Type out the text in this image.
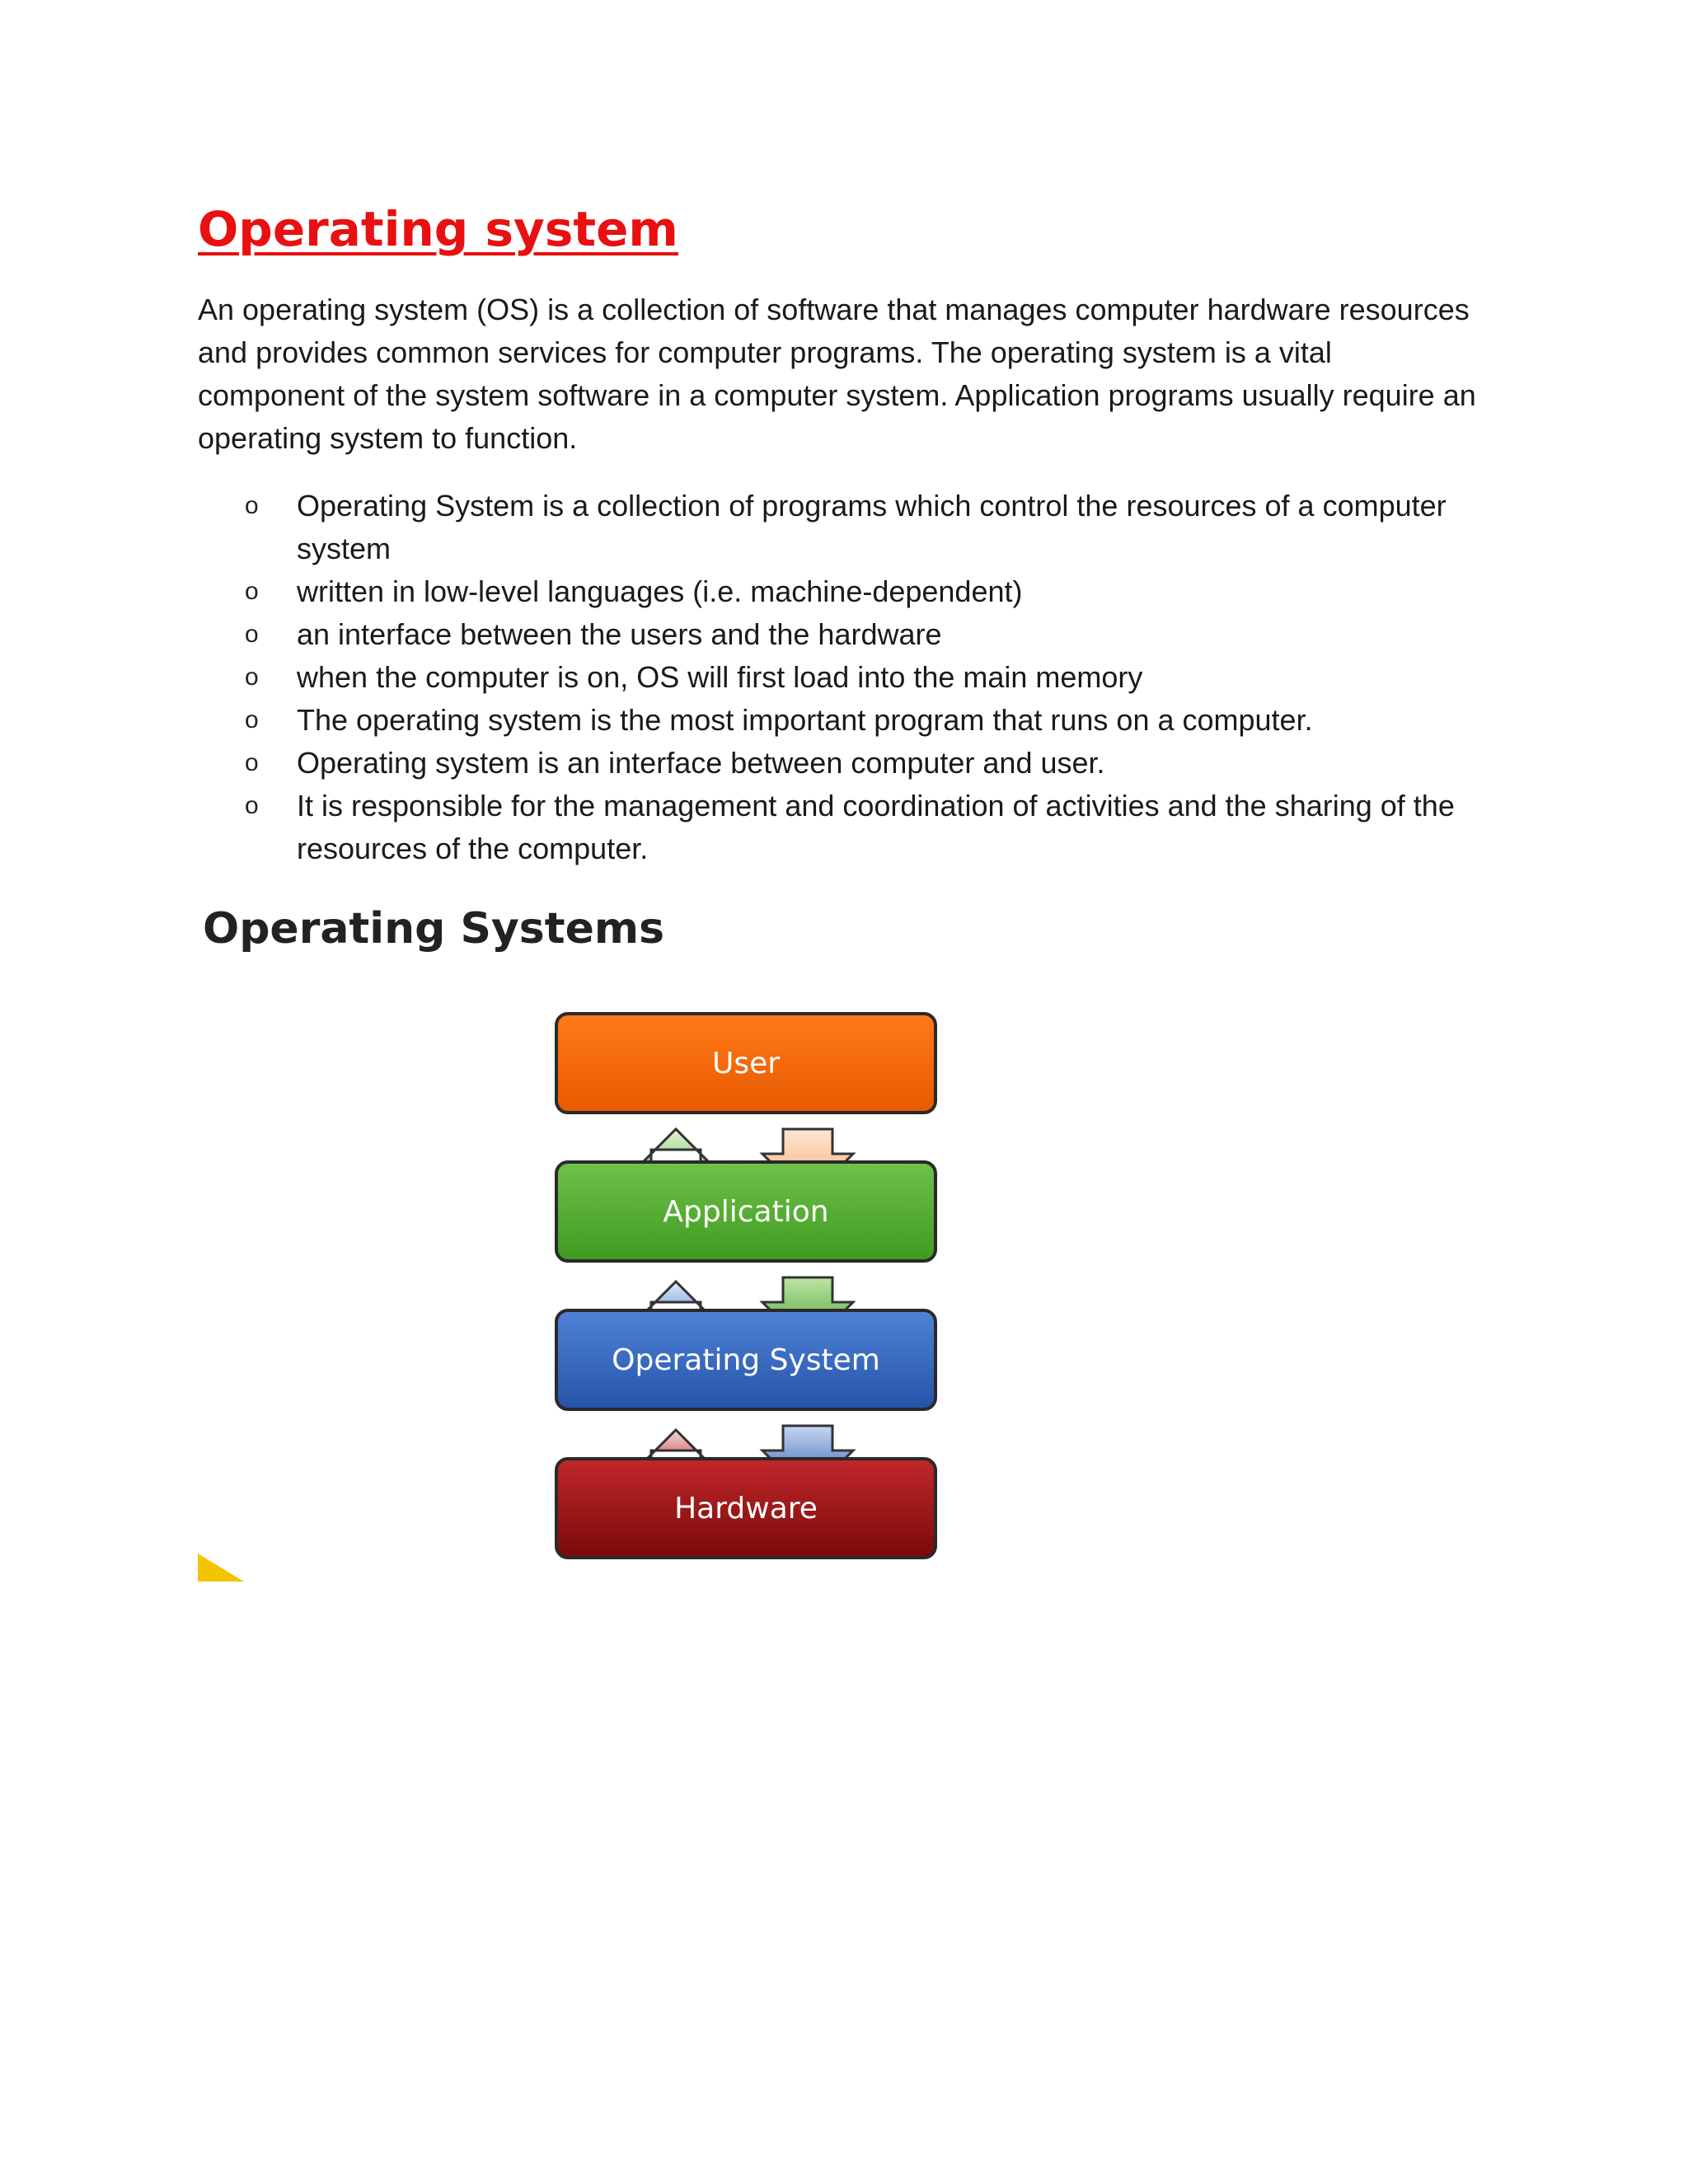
Operating system

An operating system (OS) is a collection of software that manages computer hardware resources and provides common services for computer programs. The operating system is a vital component of the system software in a computer system. Application programs usually require an operating system to function.

o Operating System is a collection of programs which control the resources of a computer system
o written in low-level languages (i.e. machine-dependent)
o an interface between the users and the hardware
o when the computer is on, OS will first load into the main memory
o The operating system is the most important program that runs on a computer.
o Operating system is an interface between computer and user.
o It is responsible for the management and coordination of activities and the sharing of the resources of the computer.
Operating Systems
User
Application
Operating System
Hardware
